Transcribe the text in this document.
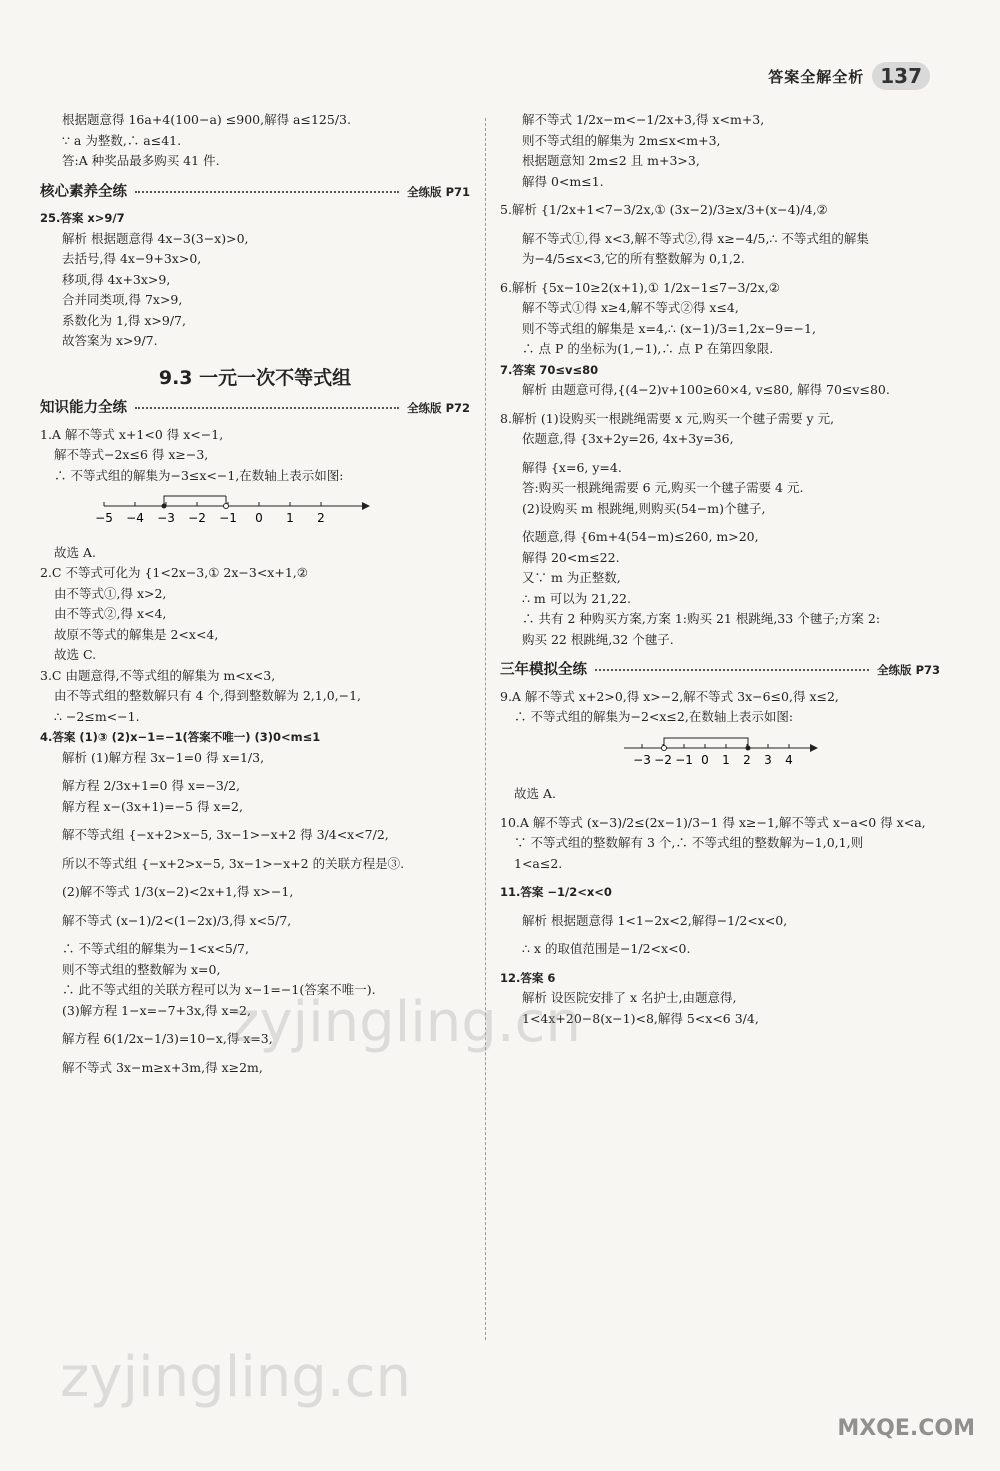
答案全解全析 137

根据题意得 16a+4(100−a) ≤900,解得 a≤125/3.

∵ a 为整数,∴ a≤41.

答:A 种奖品最多购买 41 件.

核心素养全练	全练版 P71

25.答案 x>9/7

解析 根据题意得 4x−3(3−x)>0,

去括号,得 4x−9+3x>0,

移项,得 4x+3x>9,

合并同类项,得 7x>9,

系数化为 1,得 x>9/7,

故答案为 x>9/7.

9.3 一元一次不等式组
知识能力全练	全练版 P72

1.A 解不等式 x+1<0 得 x<−1,

解不等式−2x≤6 得 x≥−3,

∴ 不等式组的解集为−3≤x<−1,在数轴上表示如图:

−5 −4 −3 −2 −1 0 1 2

故选 A.

2.C 不等式可化为 {1<2x−3,① 2x−3<x+1,②

由不等式①,得 x>2,

由不等式②,得 x<4,

故原不等式的解集是 2<x<4,

故选 C.

3.C 由题意得,不等式组的解集为 m<x<3,

由不等式组的整数解只有 4 个,得到整数解为 2,1,0,−1,

∴ −2≤m<−1.

4.答案 (1)③ (2)x−1=−1(答案不唯一) (3)0<m≤1

解析 (1)解方程 3x−1=0 得 x=1/3,

解方程 2/3x+1=0 得 x=−3/2,

解方程 x−(3x+1)=−5 得 x=2,

解不等式组 {−x+2>x−5, 3x−1>−x+2 得 3/4<x<7/2,

所以不等式组 {−x+2>x−5, 3x−1>−x+2 的关联方程是③.

(2)解不等式 1/3(x−2)<2x+1,得 x>−1,

解不等式 (x−1)/2<(1−2x)/3,得 x<5/7,

∴ 不等式组的解集为−1<x<5/7,

则不等式组的整数解为 x=0,

∴ 此不等式组的关联方程可以为 x−1=−1(答案不唯一).

(3)解方程 1−x=−7+3x,得 x=2,

解方程 6(1/2x−1/3)=10−x,得 x=3,

解不等式 3x−m≥x+3m,得 x≥2m,

解不等式 1/2x−m<−1/2x+3,得 x<m+3,

则不等式组的解集为 2m≤x<m+3,

根据题意知 2m≤2 且 m+3>3,

解得 0<m≤1.

5.解析 {1/2x+1<7−3/2x,① (3x−2)/3≥x/3+(x−4)/4,②

解不等式①,得 x<3,解不等式②,得 x≥−4/5,∴ 不等式组的解集

为−4/5≤x<3,它的所有整数解为 0,1,2.

6.解析 {5x−10≥2(x+1),① 1/2x−1≤7−3/2x,②

解不等式①得 x≥4,解不等式②得 x≤4,

则不等式组的解集是 x=4,∴ (x−1)/3=1,2x−9=−1,

∴ 点 P 的坐标为(1,−1),∴ 点 P 在第四象限.

7.答案 70≤v≤80

解析 由题意可得,{(4−2)v+100≥60×4, v≤80, 解得 70≤v≤80.

8.解析 (1)设购买一根跳绳需要 x 元,购买一个毽子需要 y 元,

依题意,得 {3x+2y=26, 4x+3y=36,

解得 {x=6, y=4.

答:购买一根跳绳需要 6 元,购买一个毽子需要 4 元.

(2)设购买 m 根跳绳,则购买(54−m)个毽子,

依题意,得 {6m+4(54−m)≤260, m>20,

解得 20<m≤22.

又∵ m 为正整数,

∴ m 可以为 21,22.

∴ 共有 2 种购买方案,方案 1:购买 21 根跳绳,33 个毽子;方案 2:

购买 22 根跳绳,32 个毽子.

三年模拟全练	全练版 P73

9.A 解不等式 x+2>0,得 x>−2,解不等式 3x−6≤0,得 x≤2,

∴ 不等式组的解集为−2<x≤2,在数轴上表示如图:

−3 −2 −1 0 1 2 3 4

故选 A.

10.A 解不等式 (x−3)/2≤(2x−1)/3−1 得 x≥−1,解不等式 x−a<0 得 x<a,

∵ 不等式组的整数解有 3 个,∴ 不等式组的整数解为−1,0,1,则

1<a≤2.

11.答案 −1/2<x<0

解析 根据题意得 1<1−2x<2,解得−1/2<x<0,

∴ x 的取值范围是−1/2<x<0.

12.答案 6

解析 设医院安排了 x 名护士,由题意得,

1<4x+20−8(x−1)<8,解得 5<x<6 3/4,

zyjingling.cn
zyjingling.cn
MXQE.COM
